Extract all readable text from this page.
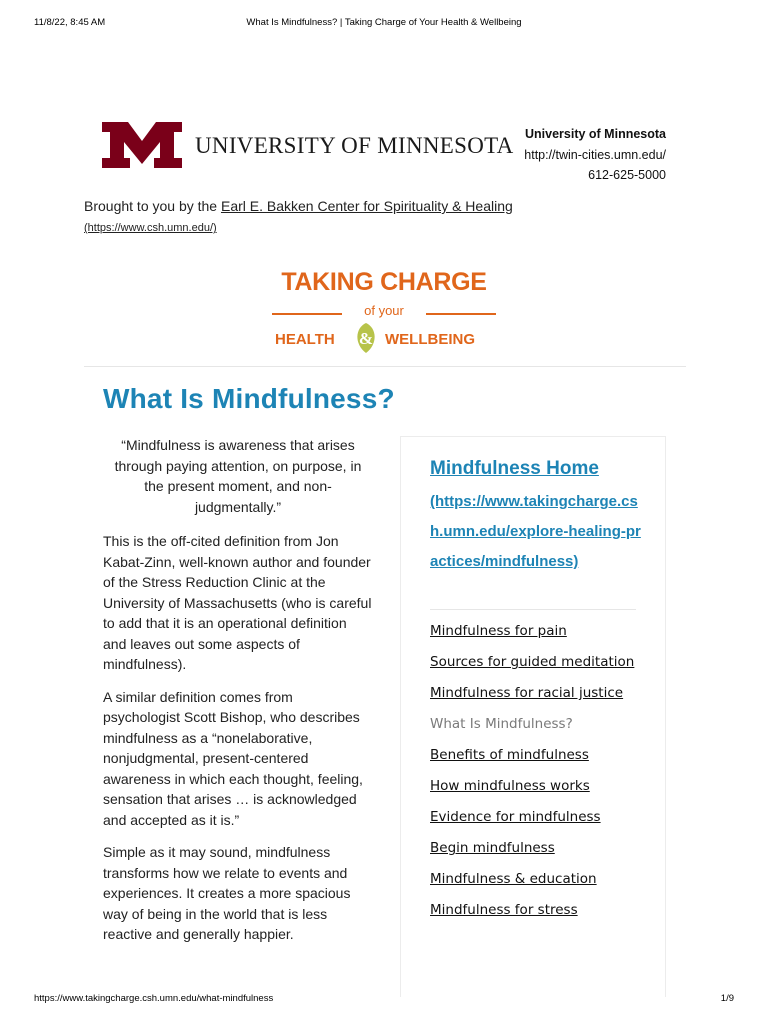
11/8/22, 8:45 AM	What Is Mindfulness? | Taking Charge of Your Health & Wellbeing
UNIVERSITY OF MINNESOTA University of Minnesota
http://twin-cities.umn.edu/
612-625-5000
Brought to you by the Earl E. Bakken Center for Spirituality & Healing
(https://www.csh.umn.edu/)
TAKING CHARGE
of your
HEALTH & WELLBEING
What Is Mindfulness?

“Mindfulness is awareness that arises through paying attention, on purpose, in the present moment, and non-judgmentally.”

This is the off-cited definition from Jon Kabat-Zinn, well-known author and founder of the Stress Reduction Clinic at the University of Massachusetts (who is careful to add that it is an operational definition and leaves out some aspects of mindfulness).

A similar definition comes from psychologist Scott Bishop, who describes mindfulness as a “nonelaborative, nonjudgmental, present-centered awareness in which each thought, feeling, sensation that arises … is acknowledged and accepted as it is.”

Simple as it may sound, mindfulness transforms how we relate to events and experiences. It creates a more spacious way of being in the world that is less reactive and generally happier.

Mindfulness Home
(https://www.takingcharge.csh.umn.edu/explore-healing-practices/mindfulness)
Mindfulness for pain
Sources for guided meditation
Mindfulness for racial justice
What Is Mindfulness?
Benefits of mindfulness
How mindfulness works
Evidence for mindfulness
Begin mindfulness
Mindfulness & education
Mindfulness for stress
https://www.takingcharge.csh.umn.edu/what-mindfulness	1/9
